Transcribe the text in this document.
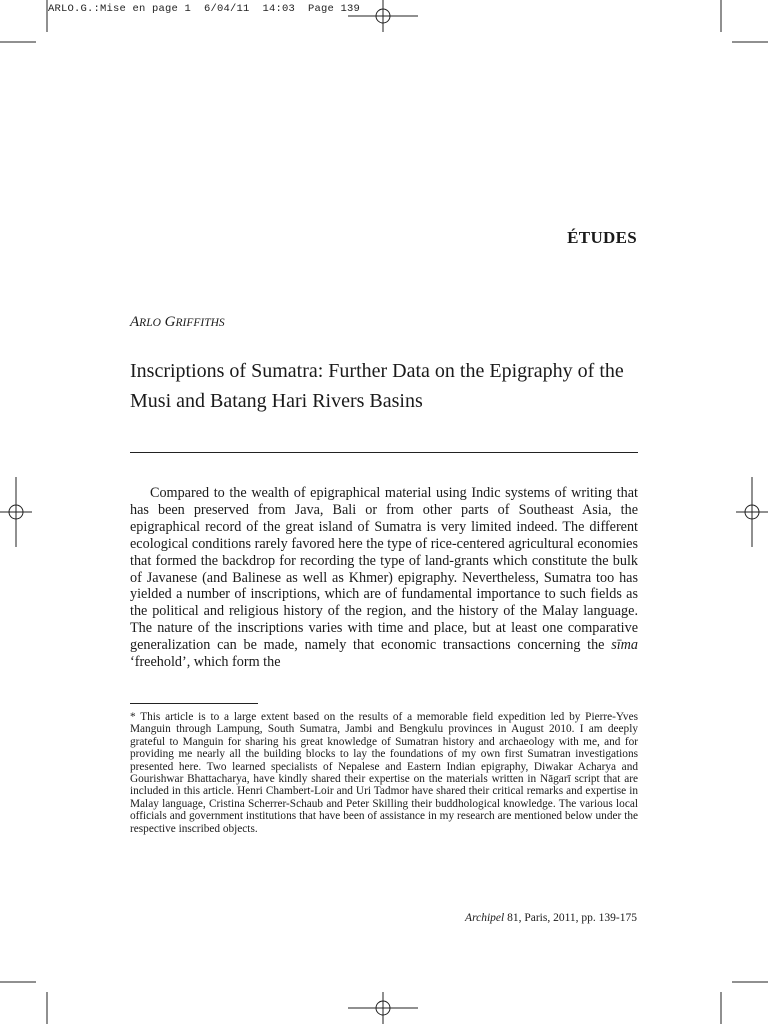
ARLO.G.:Mise en page 1  6/04/11  14:03  Page 139
ÉTUDES
ARLO GRIFFITHS
Inscriptions of Sumatra: Further Data on the Epigraphy of the Musi and Batang Hari Rivers Basins

Compared to the wealth of epigraphical material using Indic systems of writing that has been preserved from Java, Bali or from other parts of Southeast Asia, the epigraphical record of the great island of Sumatra is very limited indeed. The different ecological conditions rarely favored here the type of rice-centered agricultural economies that formed the backdrop for recording the type of land-grants which constitute the bulk of Javanese (and Balinese as well as Khmer) epigraphy. Nevertheless, Sumatra too has yielded a number of inscriptions, which are of fundamental importance to such fields as the political and religious history of the region, and the history of the Malay language. The nature of the inscriptions varies with time and place, but at least one comparative generalization can be made, namely that economic transactions concerning the sīma ‘freehold’, which form the

* This article is to a large extent based on the results of a memorable field expedition led by Pierre-Yves Manguin through Lampung, South Sumatra, Jambi and Bengkulu provinces in August 2010. I am deeply grateful to Manguin for sharing his great knowledge of Sumatran history and archaeology with me, and for providing me nearly all the building blocks to lay the foundations of my own first Sumatran investigations presented here. Two learned specialists of Nepalese and Eastern Indian epigraphy, Diwakar Acharya and Gourishwar Bhattacharya, have kindly shared their expertise on the materials written in Nāgarī script that are included in this article. Henri Chambert-Loir and Uri Tadmor have shared their critical remarks and expertise in Malay language, Cristina Scherrer-Schaub and Peter Skilling their buddhological knowledge. The various local officials and government institutions that have been of assistance in my research are mentioned below under the respective inscribed objects.

Archipel 81, Paris, 2011, pp. 139-175
